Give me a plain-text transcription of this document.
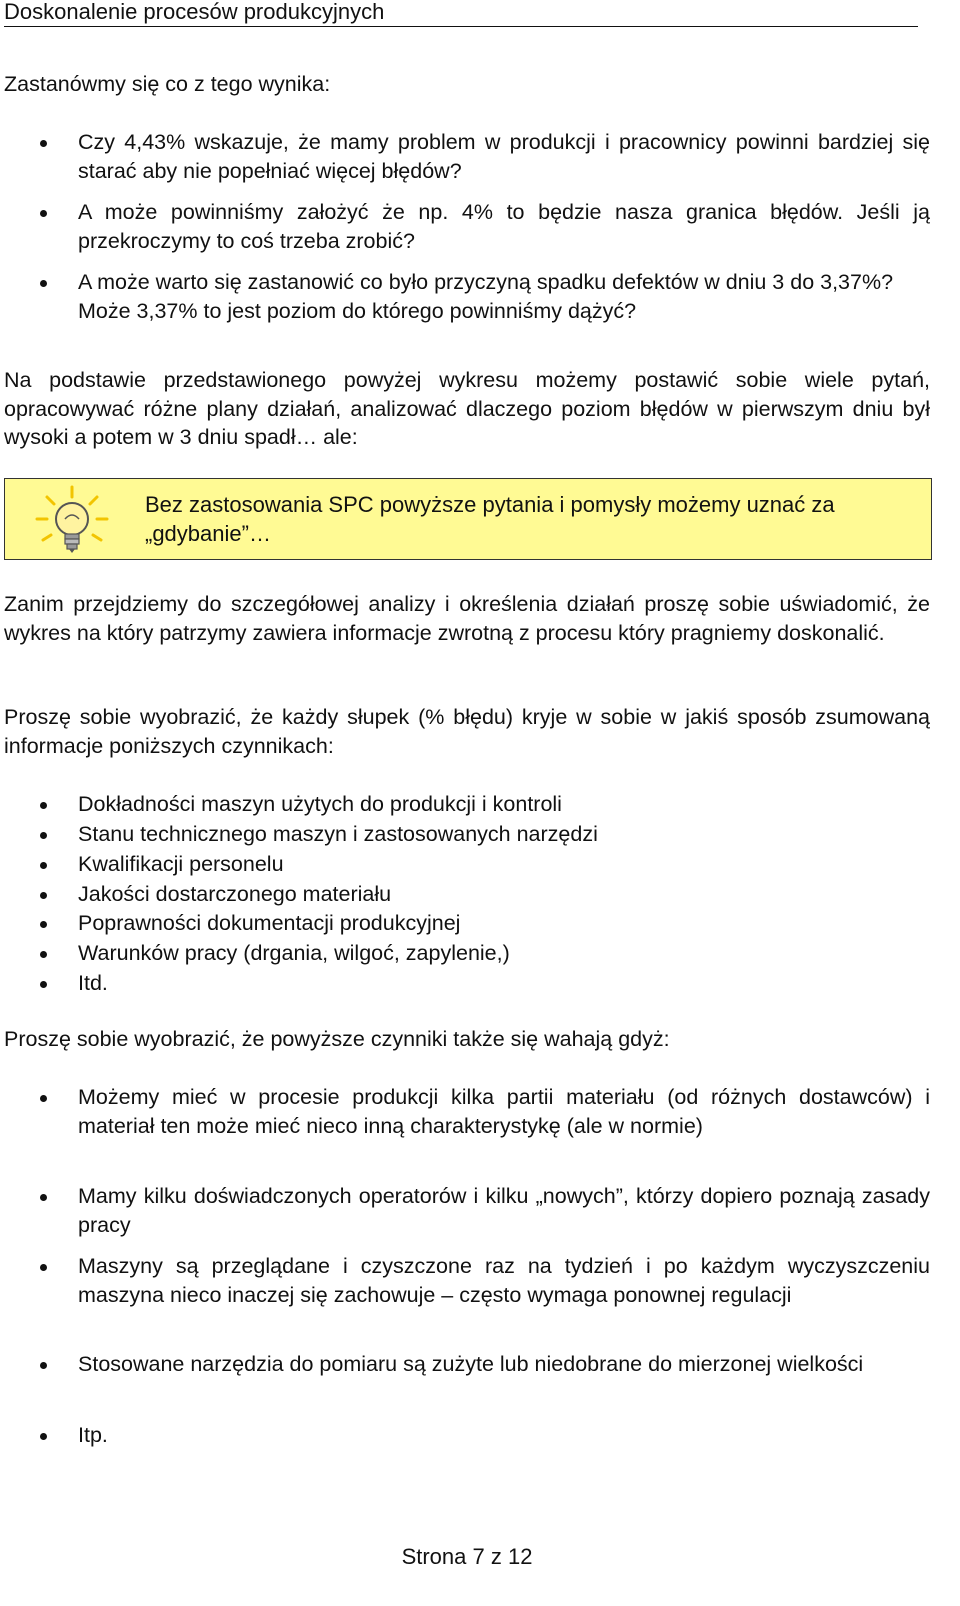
Doskonalenie procesów produkcyjnych

Zastanówmy się co z tego wynika:

Czy 4,43% wskazuje, że mamy problem w produkcji i pracownicy powinni bardziej się starać aby nie popełniać więcej błędów?
A może powinniśmy założyć że np. 4% to będzie nasza granica błędów. Jeśli ją przekroczymy to coś trzeba zrobić?
A może warto się zastanowić co było przyczyną spadku defektów w dniu 3 do 3,37%? Może 3,37% to jest poziom do którego powinniśmy dążyć?

Na podstawie przedstawionego powyżej wykresu możemy postawić sobie wiele pytań, opracowywać różne plany działań, analizować dlaczego poziom błędów w pierwszym dniu był wysoki a potem w 3 dniu spadł… ale:

Bez zastosowania SPC powyższe pytania i pomysły możemy uznać za „gdybanie”…

Zanim przejdziemy do szczegółowej analizy i określenia działań proszę sobie uświadomić, że wykres na który patrzymy zawiera informacje zwrotną z procesu który pragniemy doskonalić.

Proszę sobie wyobrazić, że każdy słupek (% błędu) kryje w sobie w jakiś sposób zsumowaną informacje poniższych czynnikach:

Dokładności maszyn użytych do produkcji i kontroli
Stanu technicznego maszyn i zastosowanych narzędzi
Kwalifikacji personelu
Jakości dostarczonego materiału
Poprawności dokumentacji produkcyjnej
Warunków pracy (drgania, wilgoć, zapylenie,)
Itd.

Proszę sobie wyobrazić, że powyższe czynniki także się wahają gdyż:

Możemy mieć w procesie produkcji kilka partii materiału (od różnych dostawców) i materiał ten może mieć nieco inną charakterystykę (ale w normie)
Mamy kilku doświadczonych operatorów i kilku „nowych”, którzy dopiero poznają zasady pracy
Maszyny są przeglądane i czyszczone raz na tydzień i po każdym wyczyszczeniu maszyna nieco inaczej się zachowuje – często wymaga ponownej regulacji
Stosowane narzędzia do pomiaru są zużyte lub niedobrane do mierzonej wielkości
Itp.
Strona 7 z 12
